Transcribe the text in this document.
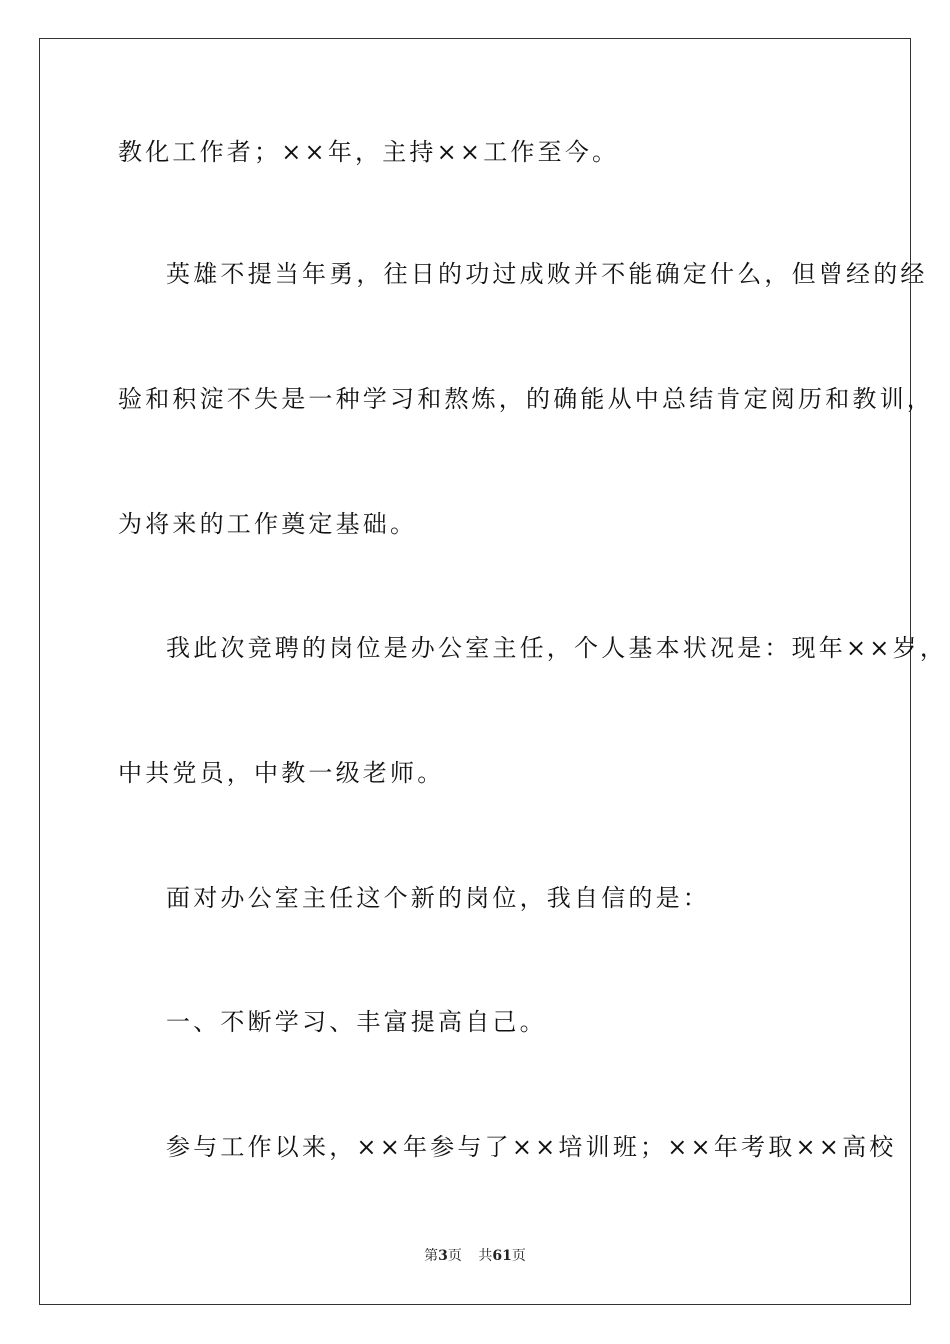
教化工作者；××年，主持××工作至今。
英雄不提当年勇，往日的功过成败并不能确定什么，但曾经的经
验和积淀不失是一种学习和熬炼，的确能从中总结肯定阅历和教训，
为将来的工作奠定基础。
我此次竞聘的岗位是办公室主任，个人基本状况是：现年××岁，
中共党员，中教一级老师。
面对办公室主任这个新的岗位，我自信的是：
一、不断学习、丰富提高自己。
参与工作以来，××年参与了××培训班；××年考取××高校
第3页 共61页
